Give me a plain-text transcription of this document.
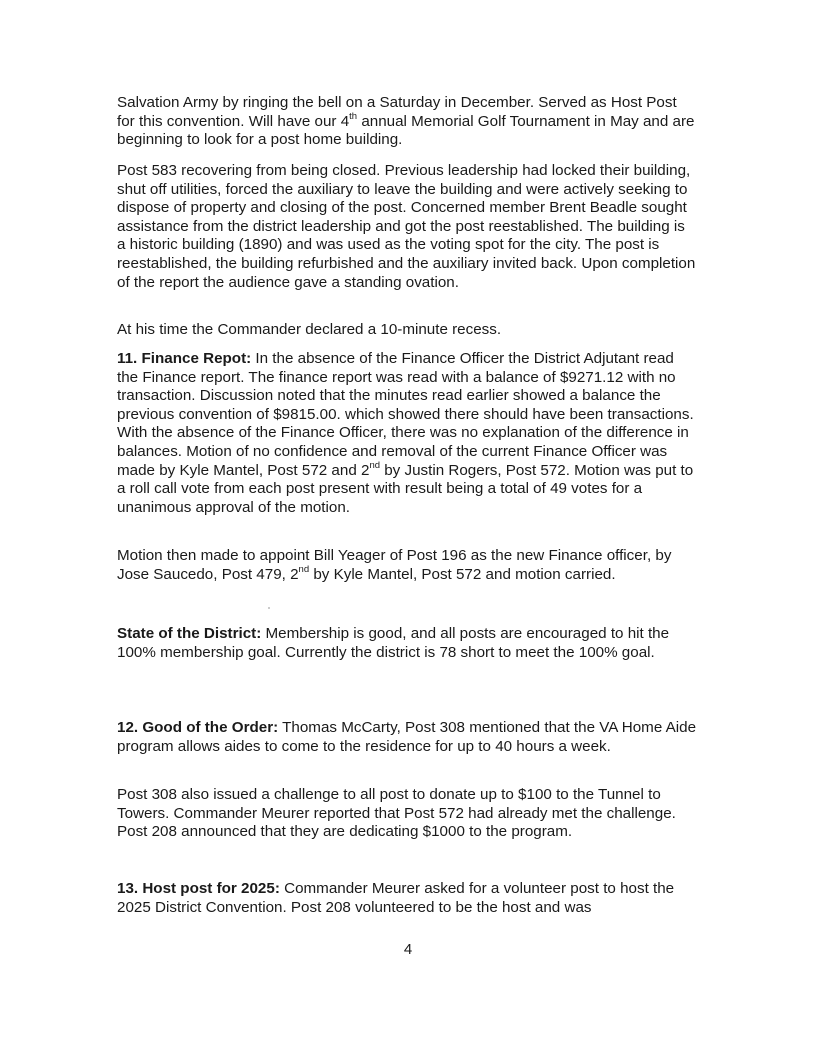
Salvation Army by ringing the bell on a Saturday in December. Served as Host Post for this convention. Will have our 4th annual Memorial Golf Tournament in May and are beginning to look for a post home building.

Post 583 recovering from being closed. Previous leadership had locked their building, shut off utilities, forced the auxiliary to leave the building and were actively seeking to dispose of property and closing of the post. Concerned member Brent Beadle sought assistance from the district leadership and got the post reestablished. The building is a historic building (1890) and was used as the voting spot for the city. The post is reestablished, the building refurbished and the auxiliary invited back. Upon completion of the report the audience gave a standing ovation.

At his time the Commander declared a 10-minute recess.

11. Finance Repot: In the absence of the Finance Officer the District Adjutant read the Finance report. The finance report was read with a balance of $9271.12 with no transaction. Discussion noted that the minutes read earlier showed a balance the previous convention of $9815.00. which showed there should have been transactions. With the absence of the Finance Officer, there was no explanation of the difference in balances. Motion of no confidence and removal of the current Finance Officer was made by Kyle Mantel, Post 572 and 2nd by Justin Rogers, Post 572. Motion was put to a roll call vote from each post present with result being a total of 49 votes for a unanimous approval of the motion.

Motion then made to appoint Bill Yeager of Post 196 as the new Finance officer, by Jose Saucedo, Post 479, 2nd by Kyle Mantel, Post 572 and motion carried.

State of the District: Membership is good, and all posts are encouraged to hit the 100% membership goal. Currently the district is 78 short to meet the 100% goal.

12. Good of the Order: Thomas McCarty, Post 308 mentioned that the VA Home Aide program allows aides to come to the residence for up to 40 hours a week.

Post 308 also issued a challenge to all post to donate up to $100 to the Tunnel to Towers. Commander Meurer reported that Post 572 had already met the challenge. Post 208 announced that they are dedicating $1000 to the program.

13. Host post for 2025: Commander Meurer asked for a volunteer post to host the 2025 District Convention. Post 208 volunteered to be the host and was

4
